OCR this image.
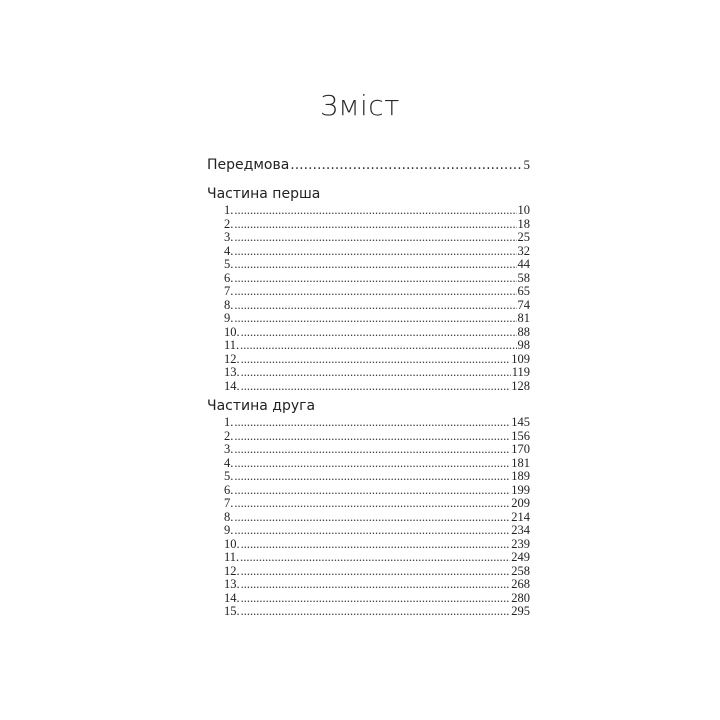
Зміст
Передмова .....	5
Частина перша
1. .....	10
2. .....	18
3. .....	25
4. .....	32
5. .....	44
6. .....	58
7. .....	65
8. .....	74
9. .....	81
10. .....	88
11. .....	98
12. .....	109
13. .....	119
14. .....	128
Частина друга
1. .....	145
2. .....	156
3. .....	170
4. .....	181
5. .....	189
6. .....	199
7. .....	209
8. .....	214
9. .....	234
10. .....	239
11. .....	249
12. .....	258
13. .....	268
14. .....	280
15. .....	295
